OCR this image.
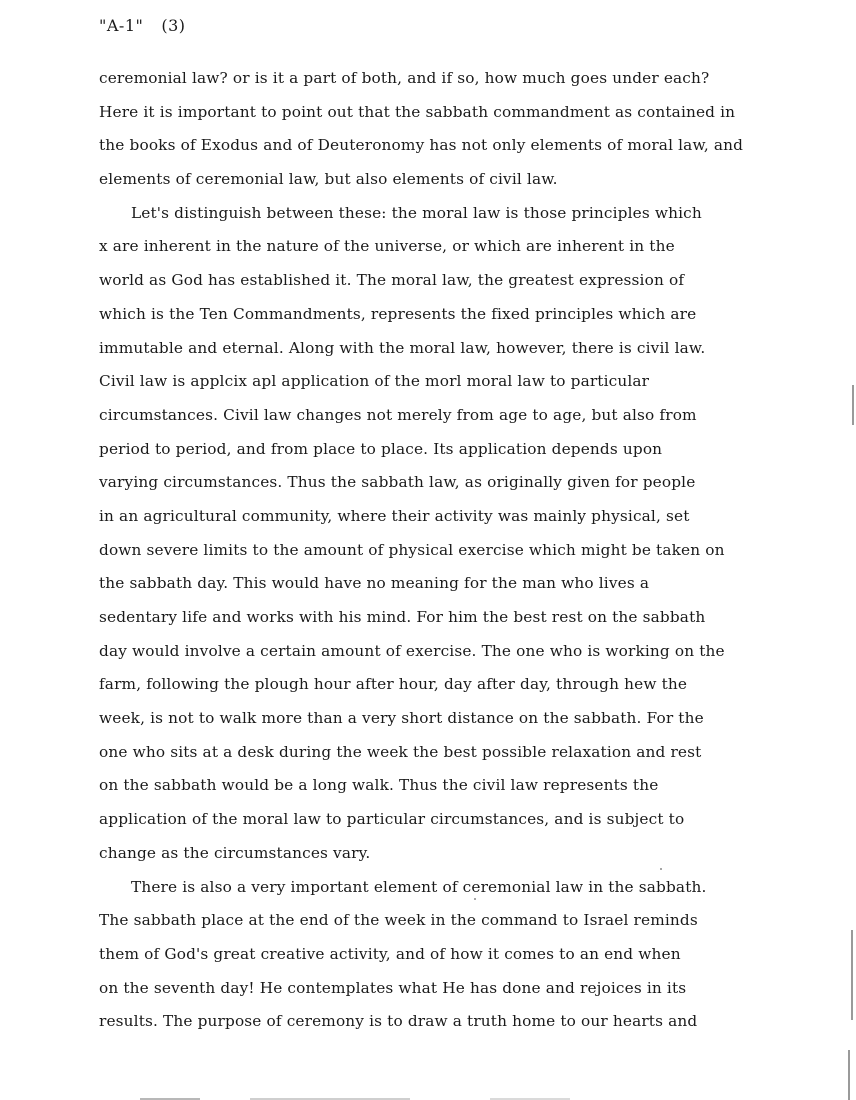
"A-1" (3)
ceremonial law? or is it a part of both, and if so, how much goes under each?
Here it is important to point out that the sabbath commandment as contained in
the books of Exodus and of Deuteronomy has not only elements of moral law, and
elements of ceremonial law, but also elements of civil law.
Let's distinguish between these: the moral law is those principles which
x are inherent in the nature of the universe, or which are inherent in the
world as God has established it. The moral law, the greatest expression of
which is the Ten Commandments, represents the fixed principles which are
immutable and eternal. Along with the moral law, however, there is civil law.
Civil law is applcix apl application of the morl moral law to particular
circumstances. Civil law changes not merely from age to age, but also from
period to period, and from place to place. Its application depends upon
varying circumstances. Thus the sabbath law, as originally given for people
in an agricultural community, where their activity was mainly physical, set
down severe limits to the amount of physical exercise which might be taken on
the sabbath day. This would have no meaning for the man who lives a
sedentary life and works with his mind. For him the best rest on the sabbath
day would involve a certain amount of exercise. The one who is working on the
farm, following the plough hour after hour, day after day, through hew the
week, is not to walk more than a very short distance on the sabbath. For the
one who sits at a desk during the week the best possible relaxation and rest
on the sabbath would be a long walk. Thus the civil law represents the
application of the moral law to particular circumstances, and is subject to
change as the circumstances vary.
There is also a very important element of ceremonial law in the sabbath.
The sabbath place at the end of the week in the command to Israel reminds
them of God's great creative activity, and of how it comes to an end when
on the seventh day! He contemplates what He has done and rejoices in its
results. The purpose of ceremony is to draw a truth home to our hearts and
